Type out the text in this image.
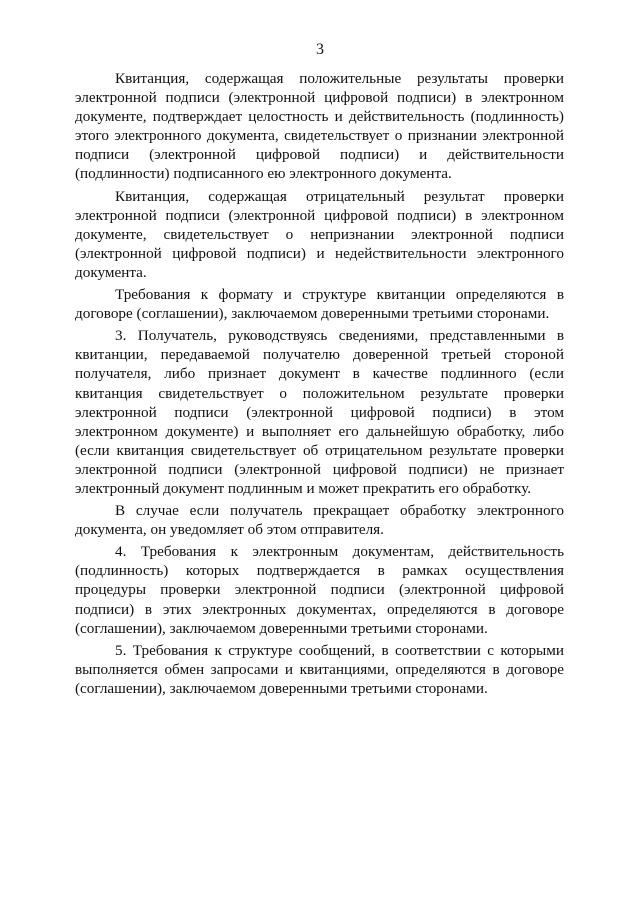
3

Квитанция, содержащая положительные результаты проверки электронной подписи (электронной цифровой подписи) в электронном документе, подтверждает целостность и действительность (подлинность) этого электронного документа, свидетельствует о признании электронной подписи (электронной цифровой подписи) и действительности (подлинности) подписанного ею электронного документа.

Квитанция, содержащая отрицательный результат проверки электронной подписи (электронной цифровой подписи) в электронном документе, свидетельствует о непризнании электронной подписи (электронной цифровой подписи) и недействительности электронного документа.

Требования к формату и структуре квитанции определяются в договоре (соглашении), заключаемом доверенными третьими сторонами.

3. Получатель, руководствуясь сведениями, представленными в квитанции, передаваемой получателю доверенной третьей стороной получателя, либо признает документ в качестве подлинного (если квитанция свидетельствует о положительном результате проверки электронной подписи (электронной цифровой подписи) в этом электронном документе) и выполняет его дальнейшую обработку, либо (если квитанция свидетельствует об отрицательном результате проверки электронной подписи (электронной цифровой подписи) не признает электронный документ подлинным и может прекратить его обработку.

В случае если получатель прекращает обработку электронного документа, он уведомляет об этом отправителя.

4. Требования к электронным документам, действительность (подлинность) которых подтверждается в рамках осуществления процедуры проверки электронной подписи (электронной цифровой подписи) в этих электронных документах, определяются в договоре (соглашении), заключаемом доверенными третьими сторонами.

5. Требования к структуре сообщений, в соответствии с которыми выполняется обмен запросами и квитанциями, определяются в договоре (соглашении), заключаемом доверенными третьими сторонами.
